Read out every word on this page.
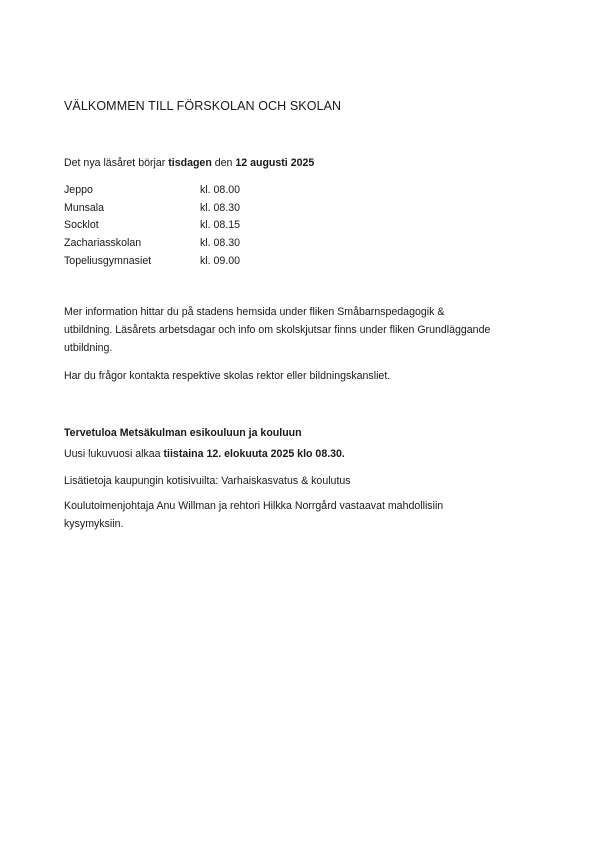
VÄLKOMMEN TILL FÖRSKOLAN OCH SKOLAN
Det nya läsåret börjar tisdagen den 12 augusti 2025
Jeppo	kl. 08.00
Munsala	kl. 08.30
Socklot	kl. 08.15
Zachariasskolan	kl. 08.30
Topeliusgymnasiet	kl. 09.00
Mer information hittar du på stadens hemsida under fliken Småbarnspedagogik &
utbildning. Läsårets arbetsdagar och info om skolskjutsar finns under fliken Grundläggande
utbildning.
Har du frågor kontakta respektive skolas rektor eller bildningskansliet.
Tervetuloa Metsäkulman esikouluun ja kouluun
Uusi lukuvuosi alkaa tiistaina 12. elokuuta 2025 klo 08.30.
Lisätietoja kaupungin kotisivuilta: Varhaiskasvatus & koulutus
Koulutoimenjohtaja Anu Willman ja rehtori Hilkka Norrgård vastaavat mahdollisiin
kysymyksiin.
